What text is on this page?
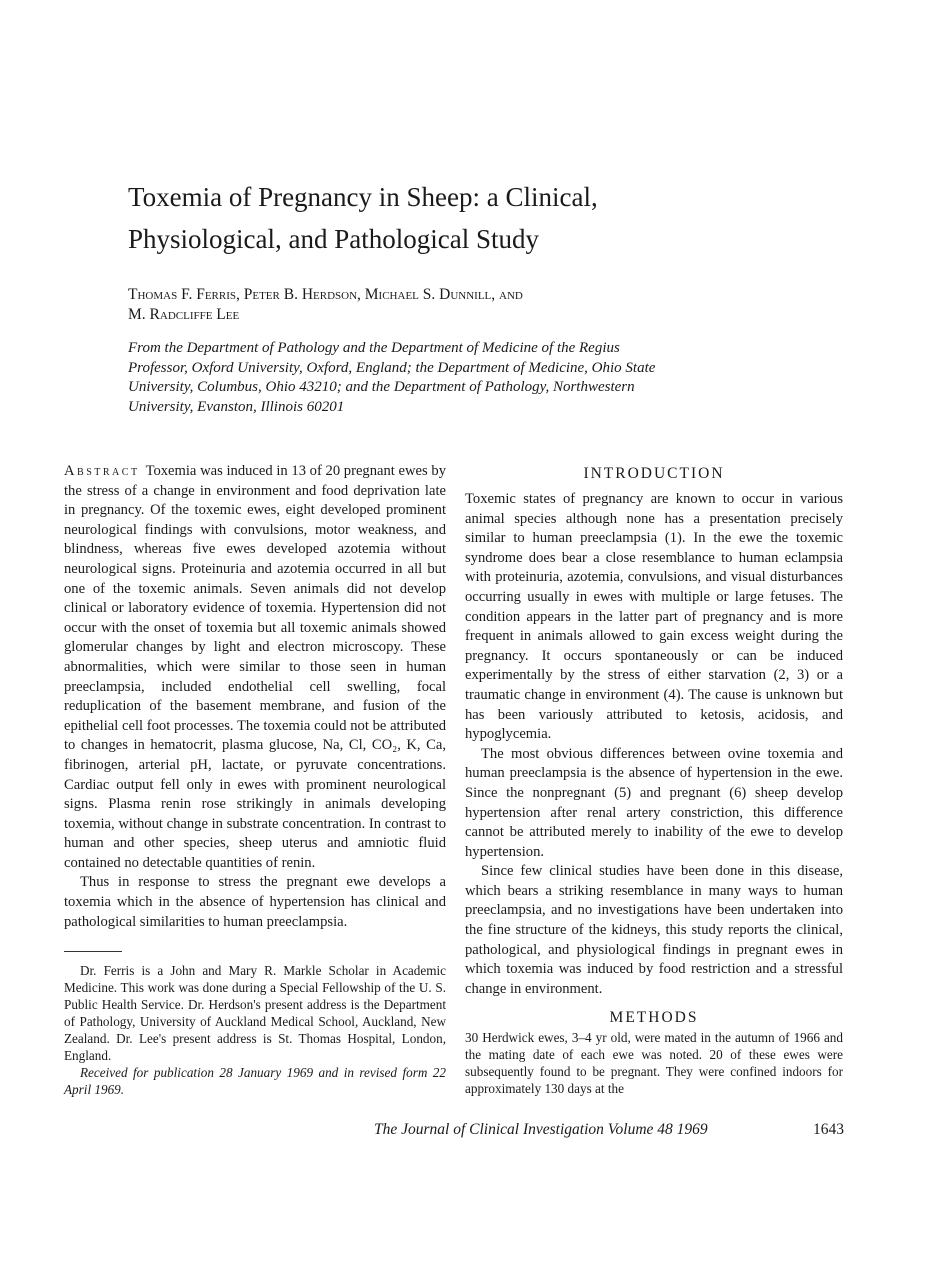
Toxemia of Pregnancy in Sheep: a Clinical,
Physiological, and Pathological Study

Thomas F. Ferris, Peter B. Herdson, Michael S. Dunnill, and
M. Radcliffe Lee

From the Department of Pathology and the Department of Medicine of the Regius Professor, Oxford University, Oxford, England; the Department of Medicine, Ohio State University, Columbus, Ohio 43210; and the Department of Pathology, Northwestern University, Evanston, Illinois 60201

Abstract Toxemia was induced in 13 of 20 pregnant ewes by the stress of a change in environment and food deprivation late in pregnancy. Of the toxemic ewes, eight developed prominent neurological findings with convulsions, motor weakness, and blindness, whereas five ewes developed azotemia without neurological signs. Proteinuria and azotemia occurred in all but one of the toxemic animals. Seven animals did not develop clinical or laboratory evidence of toxemia. Hypertension did not occur with the onset of toxemia but all toxemic animals showed glomerular changes by light and electron microscopy. These abnormalities, which were similar to those seen in human preeclampsia, included endothelial cell swelling, focal reduplication of the basement membrane, and fusion of the epithelial cell foot processes. The toxemia could not be attributed to changes in hematocrit, plasma glucose, Na, Cl, CO₂, K, Ca, fibrinogen, arterial pH, lactate, or pyruvate concentrations. Cardiac output fell only in ewes with prominent neurological signs. Plasma renin rose strikingly in animals developing toxemia, without change in substrate concentration. In contrast to human and other species, sheep uterus and amniotic fluid contained no detectable quantities of renin.

Thus in response to stress the pregnant ewe develops a toxemia which in the absence of hypertension has clinical and pathological similarities to human preeclampsia.

Dr. Ferris is a John and Mary R. Markle Scholar in Academic Medicine. This work was done during a Special Fellowship of the U. S. Public Health Service. Dr. Herdson's present address is the Department of Pathology, University of Auckland Medical School, Auckland, New Zealand. Dr. Lee's present address is St. Thomas Hospital, London, England.

Received for publication 28 January 1969 and in revised form 22 April 1969.

INTRODUCTION

Toxemic states of pregnancy are known to occur in various animal species although none has a presentation precisely similar to human preeclampsia (1). In the ewe the toxemic syndrome does bear a close resemblance to human eclampsia with proteinuria, azotemia, convulsions, and visual disturbances occurring usually in ewes with multiple or large fetuses. The condition appears in the latter part of pregnancy and is more frequent in animals allowed to gain excess weight during the pregnancy. It occurs spontaneously or can be induced experimentally by the stress of either starvation (2, 3) or a traumatic change in environment (4). The cause is unknown but has been variously attributed to ketosis, acidosis, and hypoglycemia.

The most obvious differences between ovine toxemia and human preeclampsia is the absence of hypertension in the ewe. Since the nonpregnant (5) and pregnant (6) sheep develop hypertension after renal artery constriction, this difference cannot be attributed merely to inability of the ewe to develop hypertension.

Since few clinical studies have been done in this disease, which bears a striking resemblance in many ways to human preeclampsia, and no investigations have been undertaken into the fine structure of the kidneys, this study reports the clinical, pathological, and physiological findings in pregnant ewes in which toxemia was induced by food restriction and a stressful change in environment.

METHODS

30 Herdwick ewes, 3–4 yr old, were mated in the autumn of 1966 and the mating date of each ewe was noted. 20 of these ewes were subsequently found to be pregnant. They were confined indoors for approximately 130 days at the

The Journal of Clinical Investigation Volume 48 1969	1643
